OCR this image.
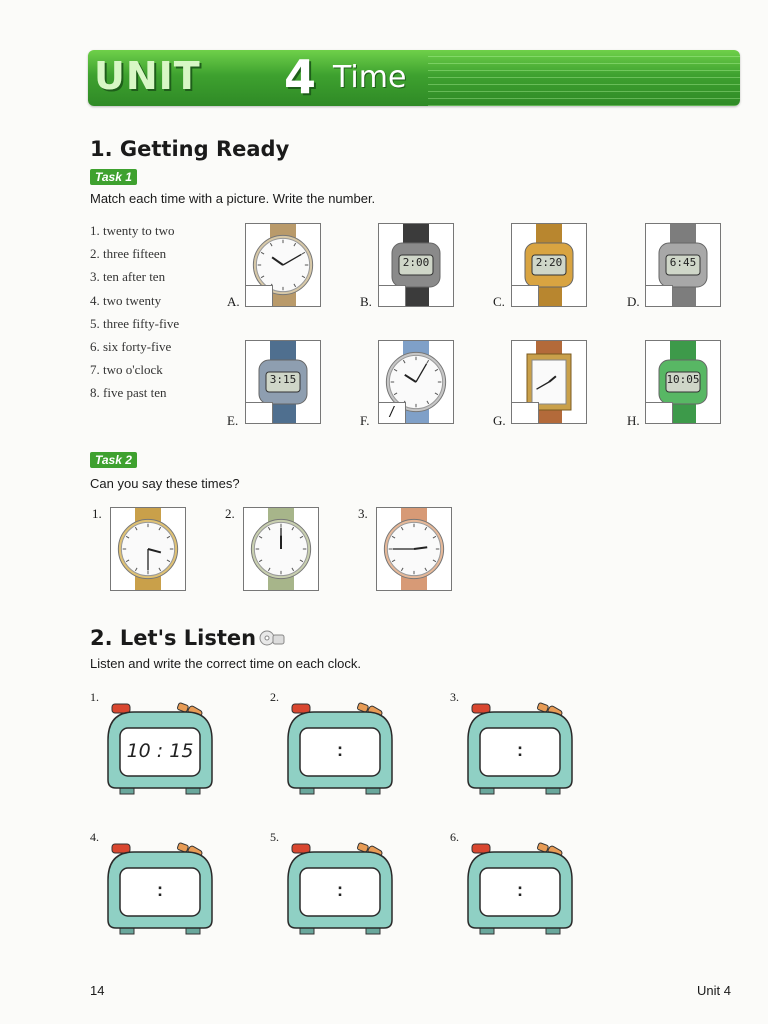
UNIT 4 Time
1. Getting Ready
Task 1
Match each time with a picture. Write the number.
1. twenty to two
2. three fifteen
3. ten after ten
4. two twenty
5. three fifty-five
6. six forty-five
7. two o'clock
8. five past ten
A.	B.
2:00
C.
2:20
D.
6:45
E.
3:15
F.
/
G.	H.
10:05
Task 2
Can you say these times?
1.	2.	3.
2. Let's Listen
Listen and write the correct time on each clock.
1.
10 : 15
2.
:
3.
:
4.
:
5.
:
6.
:
14	Unit 4
